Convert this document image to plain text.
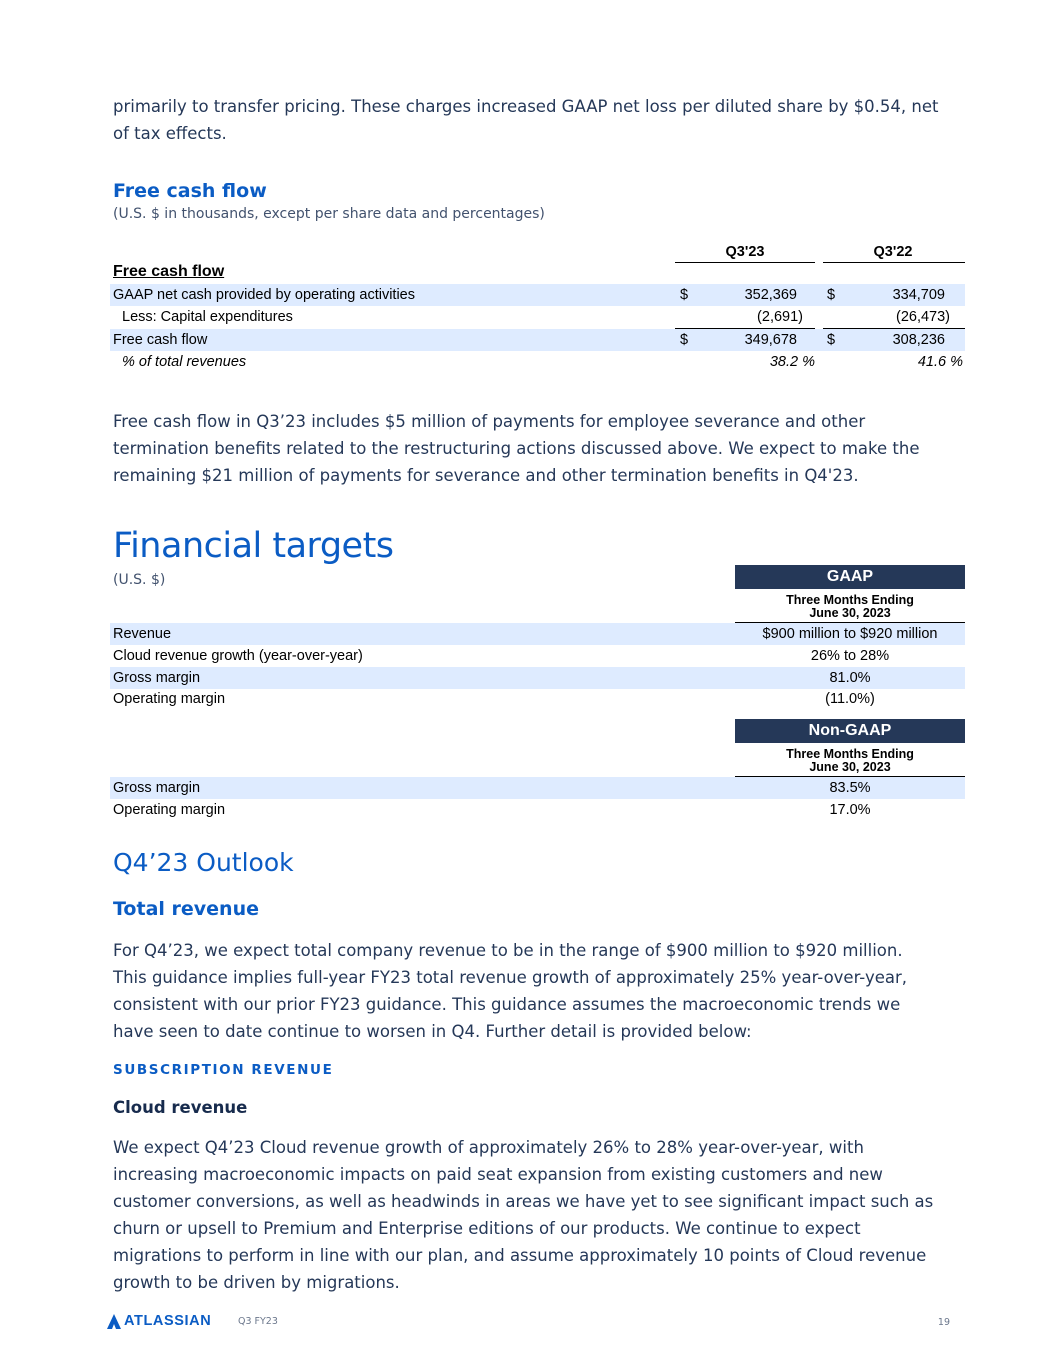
primarily to transfer pricing. These charges increased GAAP net loss per diluted share by $0.54, net
of tax effects.
Free cash flow
(U.S. $ in thousands, except per share data and percentages)
Q3'23	Q3'22
Free cash flow
GAAP net cash provided by operating activities	$	352,369 $	334,709
Less: Capital expenditures	(2,691)	(26,473)
Free cash flow	$	349,678 $	308,236
% of total revenues	38.2 %	41.6 %
Free cash flow in Q3’23 includes $5 million of payments for employee severance and other
termination benefits related to the restructuring actions discussed above. We expect to make the
remaining $21 million of payments for severance and other termination benefits in Q4'23.
Financial targets
(U.S. $)	GAAP
Three Months Ending
June 30, 2023
Revenue	$900 million to $920 million
Cloud revenue growth (year-over-year)	26% to 28%
Gross margin	81.0%
Operating margin	(11.0%)
Non-GAAP
Three Months Ending
June 30, 2023
Gross margin	83.5%
Operating margin	17.0%
Q4’23 Outlook
Total revenue
For Q4’23, we expect total company revenue to be in the range of $900 million to $920 million.
This guidance implies full-year FY23 total revenue growth of approximately 25% year-over-year,
consistent with our prior FY23 guidance. This guidance assumes the macroeconomic trends we
have seen to date continue to worsen in Q4. Further detail is provided below:
SUBSCRIPTION REVENUE
Cloud revenue
We expect Q4’23 Cloud revenue growth of approximately 26% to 28% year-over-year, with
increasing macroeconomic impacts on paid seat expansion from existing customers and new
customer conversions, as well as headwinds in areas we have yet to see significant impact such as
churn or upsell to Premium and Enterprise editions of our products. We continue to expect
migrations to perform in line with our plan, and assume approximately 10 points of Cloud revenue
growth to be driven by migrations.
ATLASSIAN	Q3 FY23	19
